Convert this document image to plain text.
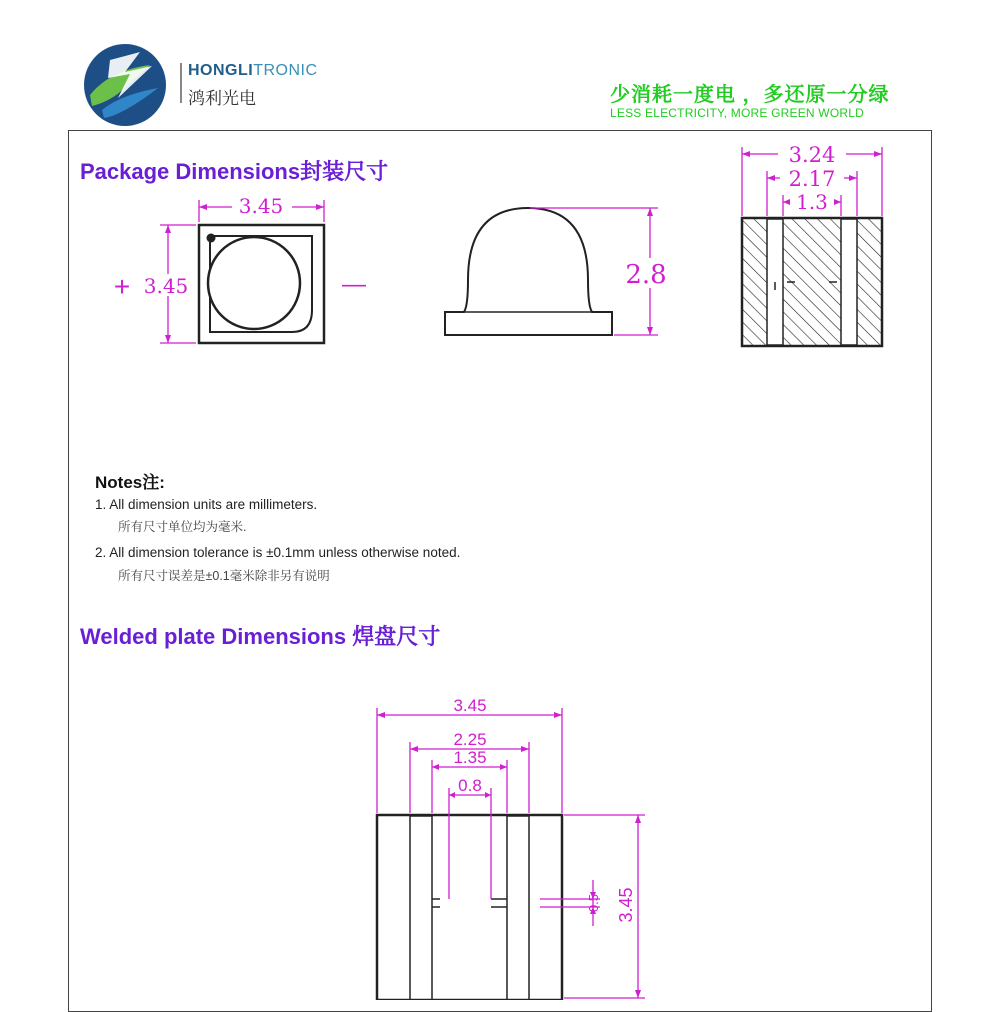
HONGLITRONIC
鸿利光电	少消耗一度电 ，多还原一分绿
LESS ELECTRICITY, MORE GREEN WORLD
Package Dimensions封装尺寸
3.45
3.45
+	—	2.8
3.24
2.17
1.3
Notes注:
1. All dimension units are millimeters.
所有尺寸单位均为毫米.
2. All dimension tolerance is ±0.1mm unless otherwise noted.
所有尺寸误差是±0.1毫米除非另有说明
Welded plate Dimensions 焊盘尺寸
3.45
2.25
1.35
0.8
0.5 3.45
